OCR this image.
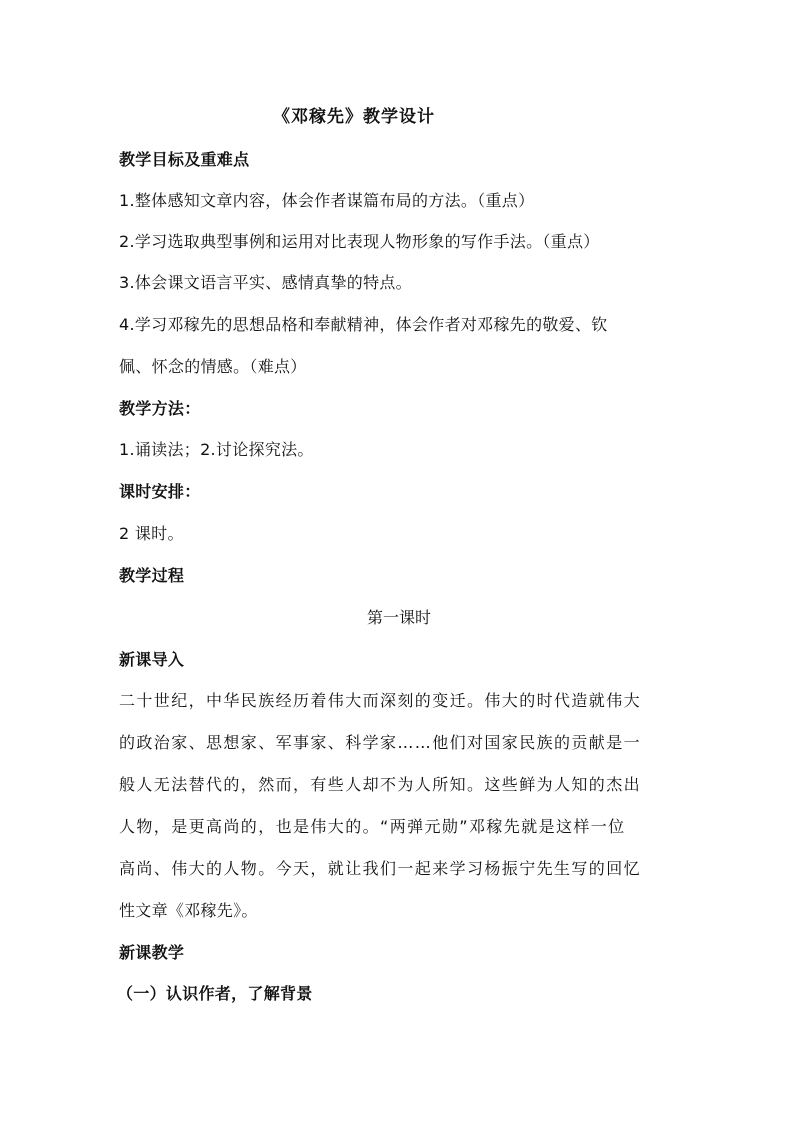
《邓稼先》教学设计
教学目标及重难点
1.整体感知文章内容，体会作者谋篇布局的方法。（重点）
2.学习选取典型事例和运用对比表现人物形象的写作手法。（重点）
3.体会课文语言平实、感情真挚的特点。
4.学习邓稼先的思想品格和奉献精神，体会作者对邓稼先的敬爱、钦
佩、怀念的情感。（难点）
教学方法：
1.诵读法；2.讨论探究法。
课时安排：
2 课时。
教学过程
第一课时
新课导入
二十世纪，中华民族经历着伟大而深刻的变迁。伟大的时代造就伟大
的政治家、思想家、军事家、科学家……他们对国家民族的贡献是一
般人无法替代的，然而，有些人却不为人所知。这些鲜为人知的杰出
人物，是更高尚的，也是伟大的。“两弹元勋”邓稼先就是这样一位
高尚、伟大的人物。今天，就让我们一起来学习杨振宁先生写的回忆
性文章《邓稼先》。
新课教学
（一）认识作者，了解背景
